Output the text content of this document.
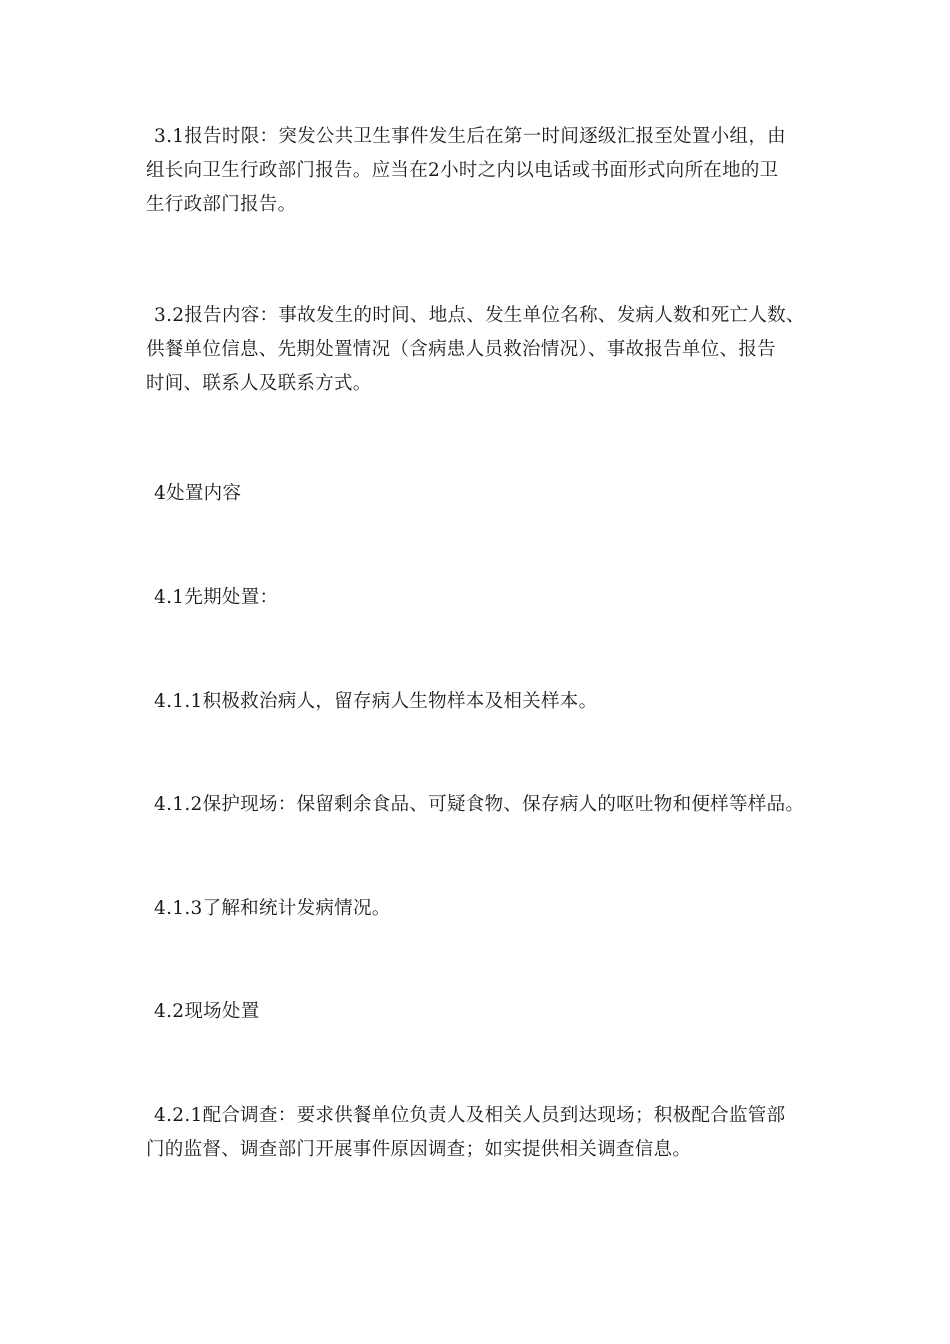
3.1报告时限：突发公共卫生事件发生后在第一时间逐级汇报至处置小组，由
组长向卫生行政部门报告。应当在2小时之内以电话或书面形式向所在地的卫
生行政部门报告。

3.2报告内容：事故发生的时间、地点、发生单位名称、发病人数和死亡人数、
供餐单位信息、先期处置情况（含病患人员救治情况）、事故报告单位、报告
时间、联系人及联系方式。

4处置内容

4.1先期处置：

4.1.1积极救治病人，留存病人生物样本及相关样本。

4.1.2保护现场：保留剩余食品、可疑食物、保存病人的呕吐物和便样等样品。

4.1.3了解和统计发病情况。

4.2现场处置

4.2.1配合调查：要求供餐单位负责人及相关人员到达现场；积极配合监管部
门的监督、调查部门开展事件原因调查；如实提供相关调查信息。
